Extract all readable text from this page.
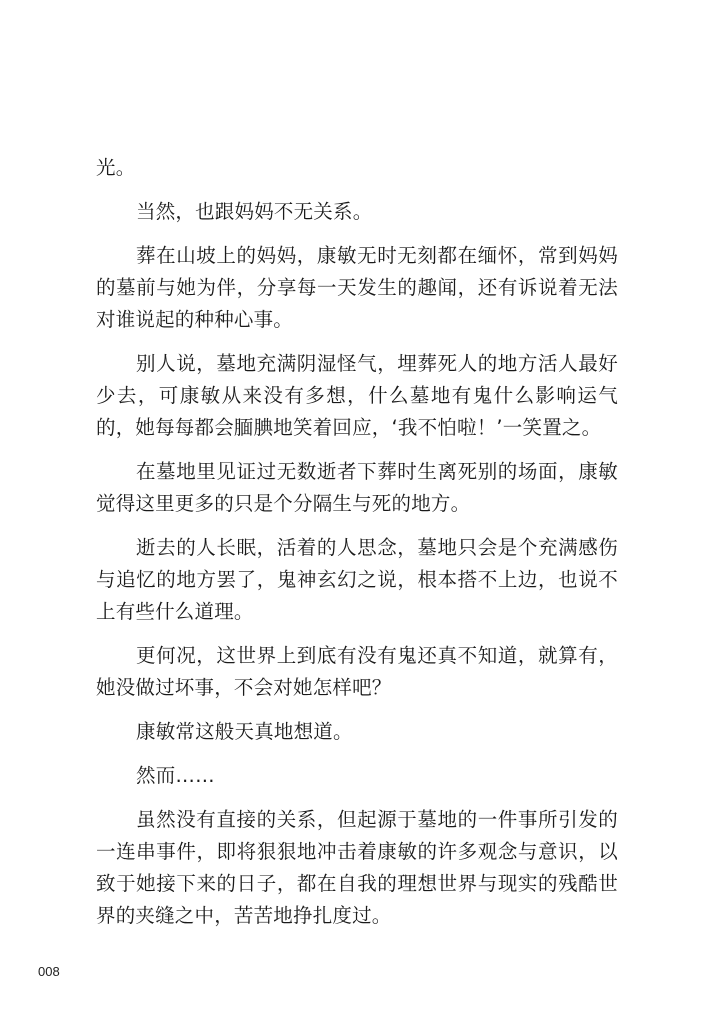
光。

当然，也跟妈妈不无关系。

葬在山坡上的妈妈，康敏无时无刻都在缅怀，常到妈妈的墓前与她为伴，分享每一天发生的趣闻，还有诉说着无法对谁说起的种种心事。

别人说，墓地充满阴湿怪气，埋葬死人的地方活人最好少去，可康敏从来没有多想，什么墓地有鬼什么影响运气的，她每每都会腼腆地笑着回应，‘我不怕啦！’一笑置之。

在墓地里见证过无数逝者下葬时生离死别的场面，康敏觉得这里更多的只是个分隔生与死的地方。

逝去的人长眠，活着的人思念，墓地只会是个充满感伤与追忆的地方罢了，鬼神玄幻之说，根本搭不上边，也说不上有些什么道理。

更何况，这世界上到底有没有鬼还真不知道，就算有，她没做过坏事，不会对她怎样吧？

康敏常这般天真地想道。

然而……

虽然没有直接的关系，但起源于墓地的一件事所引发的一连串事件，即将狠狠地冲击着康敏的许多观念与意识，以致于她接下来的日子，都在自我的理想世界与现实的残酷世界的夹缝之中，苦苦地挣扎度过。

008
